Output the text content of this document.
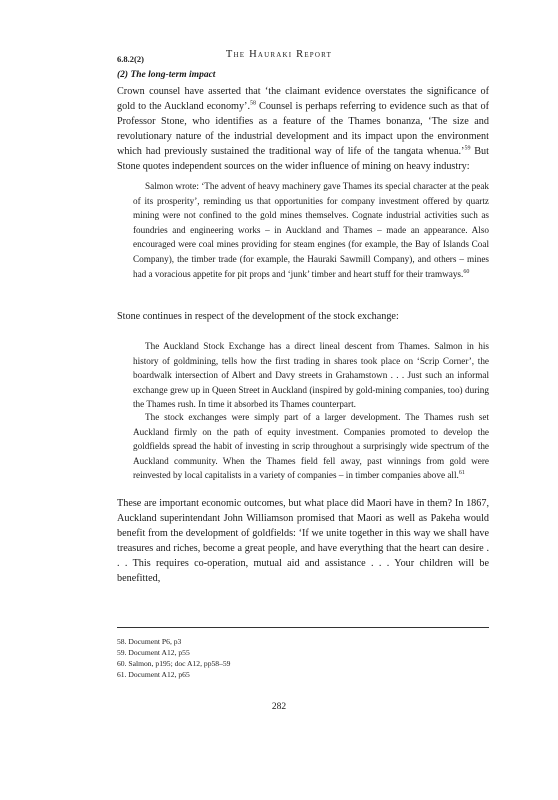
The Hauraki Report
6.8.2(2)
(2) The long-term impact

Crown counsel have asserted that ‘the claimant evidence overstates the significance of gold to the Auckland economy’.$^{58}$ Counsel is perhaps referring to evidence such as that of Professor Stone, who identifies as a feature of the Thames bonanza, ‘The size and revolutionary nature of the industrial development and its impact upon the environment which had previously sustained the traditional way of life of the tangata whenua.’$^{59}$ But Stone quotes independent sources on the wider influence of mining on heavy industry:

Salmon wrote: ‘The advent of heavy machinery gave Thames its special character at the peak of its prosperity’, reminding us that opportunities for company investment offered by quartz mining were not confined to the gold mines themselves. Cognate industrial activities such as foundries and engineering works – in Auckland and Thames – made an appearance. Also encouraged were coal mines providing for steam engines (for example, the Bay of Islands Coal Company), the timber trade (for example, the Hauraki Sawmill Company), and others – mines had a voracious appetite for pit props and ‘junk’ timber and heart stuff for their tramways.$^{60}$

Stone continues in respect of the development of the stock exchange:

The Auckland Stock Exchange has a direct lineal descent from Thames. Salmon in his history of goldmining, tells how the first trading in shares took place on ‘Scrip Corner’, the boardwalk intersection of Albert and Davy streets in Grahamstown . . . Just such an informal exchange grew up in Queen Street in Auckland (inspired by gold-mining companies, too) during the Thames rush. In time it absorbed its Thames counterpart.

The stock exchanges were simply part of a larger development. The Thames rush set Auckland firmly on the path of equity investment. Companies promoted to develop the goldfields spread the habit of investing in scrip throughout a surprisingly wide spectrum of the Auckland community. When the Thames field fell away, past winnings from gold were reinvested by local capitalists in a variety of companies – in timber companies above all.$^{61}$

These are important economic outcomes, but what place did Maori have in them? In 1867, Auckland superintendant John Williamson promised that Maori as well as Pakeha would benefit from the development of goldfields: ‘If we unite together in this way we shall have treasures and riches, become a great people, and have everything that the heart can desire . . . This requires co-operation, mutual aid and assistance . . . Your children will be benefitted,

58. Document P6, p3
59. Document A12, p55
60. Salmon, p195; doc A12, pp58–59
61. Document A12, p65
282
